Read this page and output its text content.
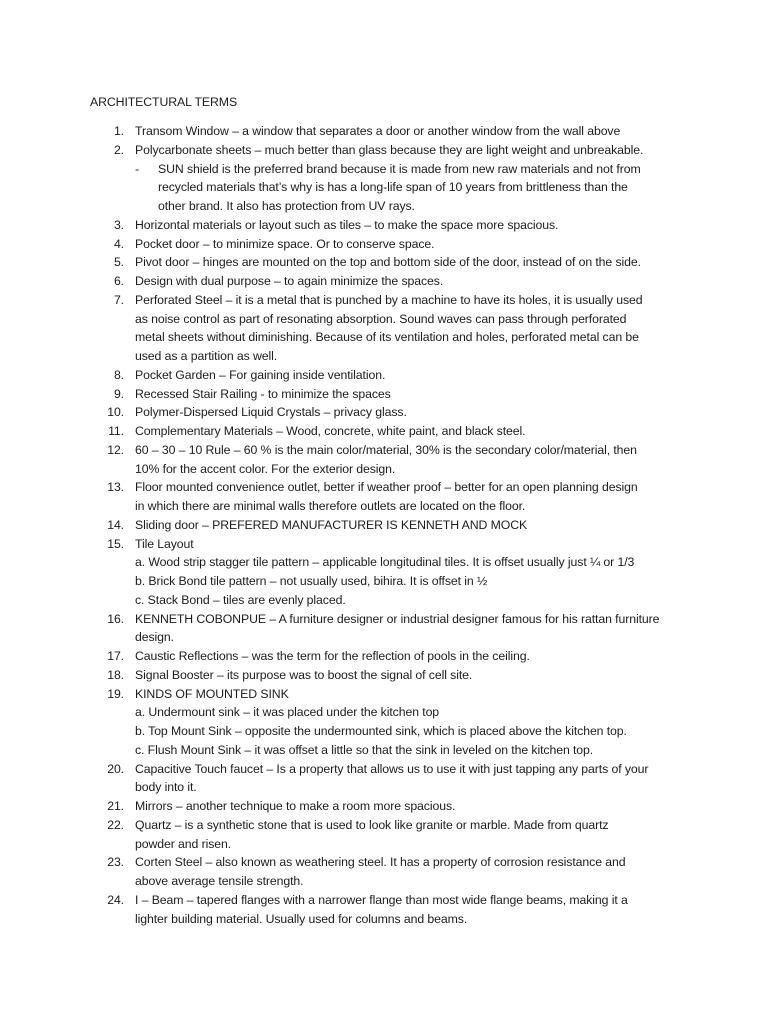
ARCHITECTURAL TERMS
1. Transom Window – a window that separates a door or another window from the wall above
2. Polycarbonate sheets – much better than glass because they are light weight and unbreakable.
-	SUN shield is the preferred brand because it is made from new raw materials and not from
recycled materials that’s why is has a long-life span of 10 years from brittleness than the
other brand. It also has protection from UV rays.
3. Horizontal materials or layout such as tiles – to make the space more spacious.
4. Pocket door – to minimize space. Or to conserve space.
5. Pivot door – hinges are mounted on the top and bottom side of the door, instead of on the side.
6. Design with dual purpose – to again minimize the spaces.
7. Perforated Steel – it is a metal that is punched by a machine to have its holes, it is usually used
as noise control as part of resonating absorption. Sound waves can pass through perforated
metal sheets without diminishing. Because of its ventilation and holes, perforated metal can be
used as a partition as well.
8. Pocket Garden – For gaining inside ventilation.
9. Recessed Stair Railing - to minimize the spaces
10. Polymer-Dispersed Liquid Crystals – privacy glass.
11. Complementary Materials – Wood, concrete, white paint, and black steel.
12. 60 – 30 – 10 Rule – 60 % is the main color/material, 30% is the secondary color/material, then
10% for the accent color. For the exterior design.
13. Floor mounted convenience outlet, better if weather proof – better for an open planning design
in which there are minimal walls therefore outlets are located on the floor.
14. Sliding door – PREFERED MANUFACTURER IS KENNETH AND MOCK
15. Tile Layout
a. Wood strip stagger tile pattern – applicable longitudinal tiles. It is offset usually just ¼ or 1/3
b. Brick Bond tile pattern – not usually used, bihira. It is offset in ½
c. Stack Bond – tiles are evenly placed.
16. KENNETH COBONPUE – A furniture designer or industrial designer famous for his rattan furniture
design.
17. Caustic Reflections – was the term for the reflection of pools in the ceiling.
18. Signal Booster – its purpose was to boost the signal of cell site.
19. KINDS OF MOUNTED SINK
a. Undermount sink – it was placed under the kitchen top
b. Top Mount Sink – opposite the undermounted sink, which is placed above the kitchen top.
c. Flush Mount Sink – it was offset a little so that the sink in leveled on the kitchen top.
20. Capacitive Touch faucet – Is a property that allows us to use it with just tapping any parts of your
body into it.
21. Mirrors – another technique to make a room more spacious.
22. Quartz – is a synthetic stone that is used to look like granite or marble. Made from quartz
powder and risen.
23. Corten Steel – also known as weathering steel. It has a property of corrosion resistance and
above average tensile strength.
24. I – Beam – tapered flanges with a narrower flange than most wide flange beams, making it a
lighter building material. Usually used for columns and beams.
